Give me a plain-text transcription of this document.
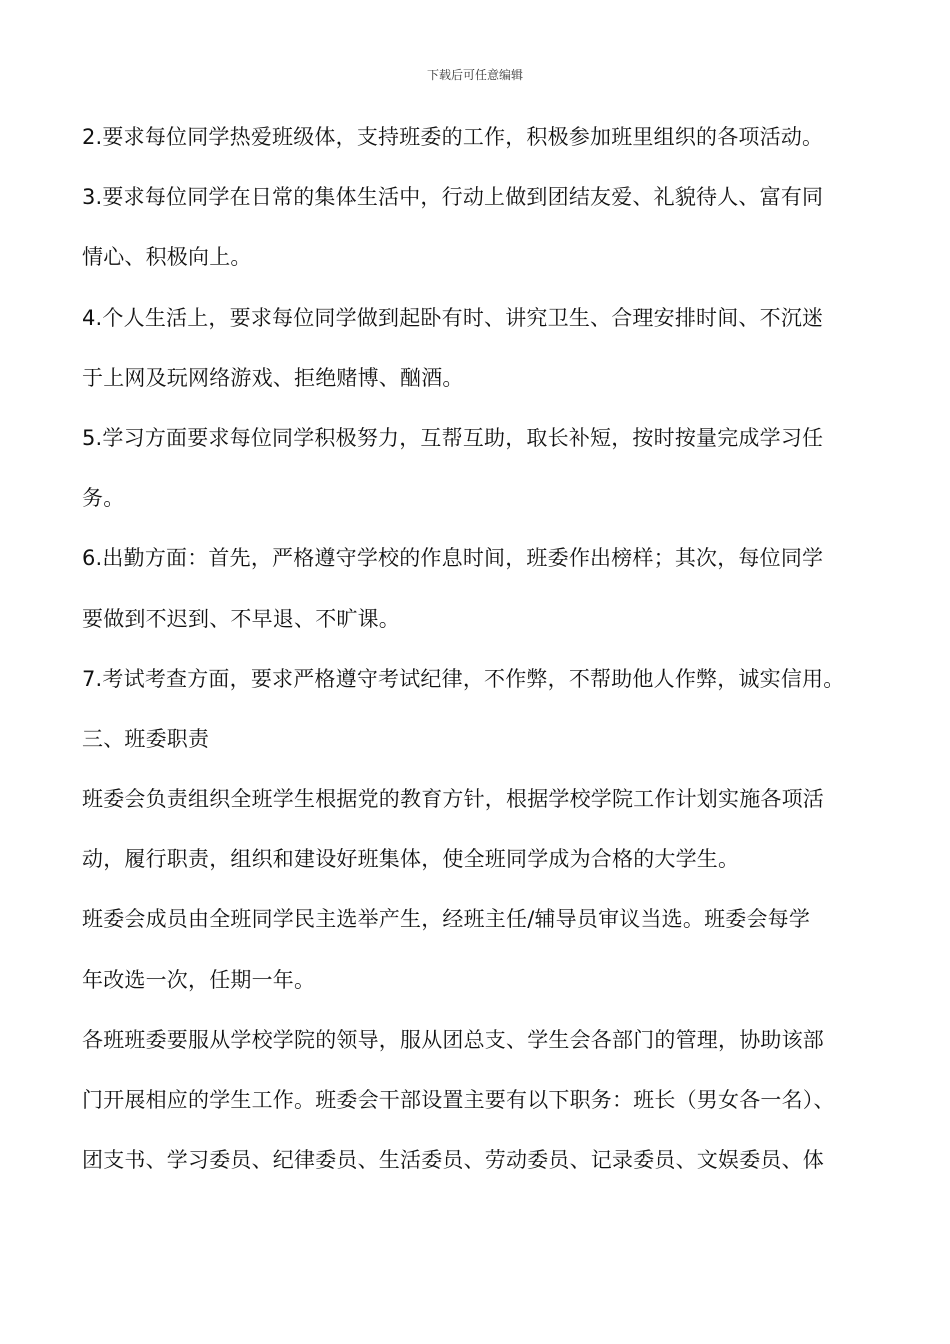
下载后可任意编辑
2.要求每位同学热爱班级体，支持班委的工作，积极参加班里组织的各项活动。
3.要求每位同学在日常的集体生活中，行动上做到团结友爱、礼貌待人、富有同
情心、积极向上。
4.个人生活上，要求每位同学做到起卧有时、讲究卫生、合理安排时间、不沉迷
于上网及玩网络游戏、拒绝赌博、酗酒。
5.学习方面要求每位同学积极努力，互帮互助，取长补短，按时按量完成学习任
务。
6.出勤方面：首先，严格遵守学校的作息时间，班委作出榜样；其次，每位同学
要做到不迟到、不早退、不旷课。
7.考试考查方面，要求严格遵守考试纪律，不作弊，不帮助他人作弊，诚实信用。
三、班委职责
班委会负责组织全班学生根据党的教育方针，根据学校学院工作计划实施各项活
动，履行职责，组织和建设好班集体，使全班同学成为合格的大学生。
班委会成员由全班同学民主选举产生，经班主任/辅导员审议当选。班委会每学
年改选一次，任期一年。
各班班委要服从学校学院的领导，服从团总支、学生会各部门的管理，协助该部
门开展相应的学生工作。班委会干部设置主要有以下职务：班长（男女各一名）、
团支书、学习委员、纪律委员、生活委员、劳动委员、记录委员、文娱委员、体
